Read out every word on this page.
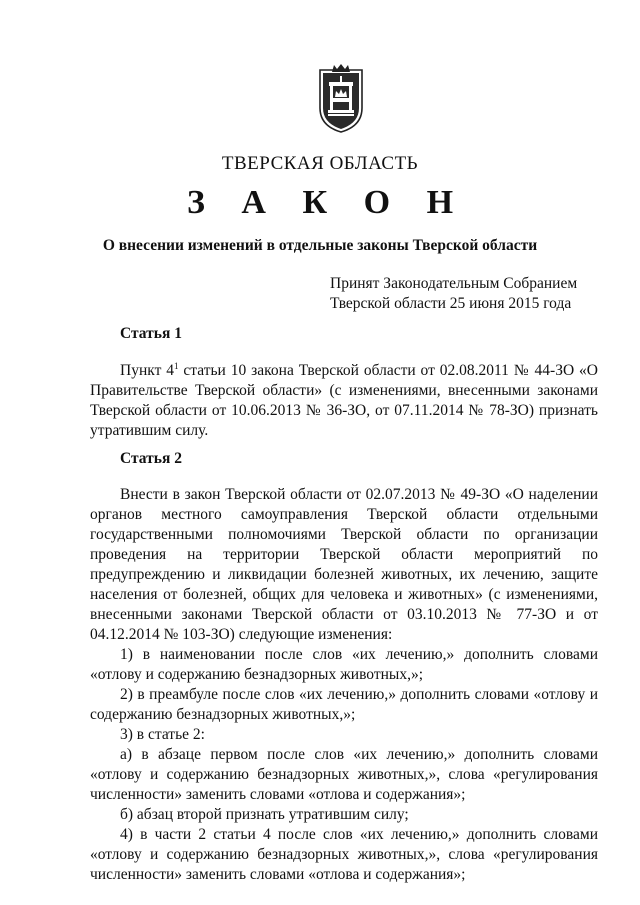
ТВЕРСКАЯ ОБЛАСТЬ
З А К О Н
О внесении изменений в отдельные законы Тверской области
Принят Законодательным Собранием
Тверской области 25 июня 2015 года
Статья 1

Пункт $4^1$ статьи 10 закона Тверской области от 02.08.2011 № 44-ЗО «О Правительстве Тверской области» (с изменениями, внесенными законами Тверской области от 10.06.2013 № 36-ЗО, от 07.11.2014 № 78-ЗО) признать утратившим силу.

Статья 2

Внести в закон Тверской области от 02.07.2013 № 49-ЗО «О наделении органов местного самоуправления Тверской области отдельными государственными полномочиями Тверской области по организации проведения на территории Тверской области мероприятий по предупреждению и ликвидации болезней животных, их лечению, защите населения от болезней, общих для человека и животных» (с изменениями, внесенными законами Тверской области от 03.10.2013 № 77-ЗО и от 04.12.2014 № 103-ЗО) следующие изменения:

1) в наименовании после слов «их лечению,» дополнить словами «отлову и содержанию безнадзорных животных,»;

2) в преамбуле после слов «их лечению,» дополнить словами «отлову и содержанию безнадзорных животных,»;

3) в статье 2:

а) в абзаце первом после слов «их лечению,» дополнить словами «отлову и содержанию безнадзорных животных,», слова «регулирования численности» заменить словами «отлова и содержания»;

б) абзац второй признать утратившим силу;

4) в части 2 статьи 4 после слов «их лечению,» дополнить словами «отлову и содержанию безнадзорных животных,», слова «регулирования численности» заменить словами «отлова и содержания»;
